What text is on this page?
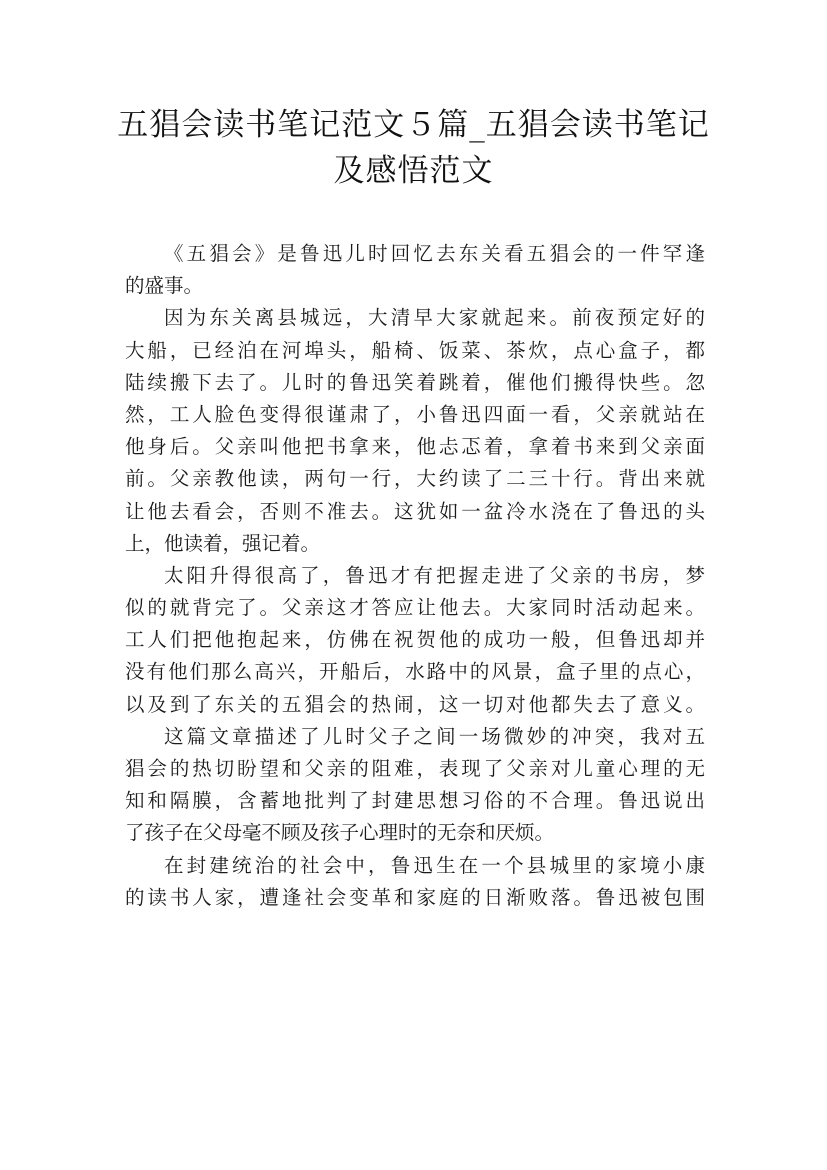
五猖会读书笔记范文５篇_五猖会读书笔记
及感悟范文
《五猖会》是鲁迅儿时回忆去东关看五猖会的一件罕逢
的盛事。
因为东关离县城远，大清早大家就起来。前夜预定好的
大船，已经泊在河埠头，船椅、饭菜、茶炊，点心盒子，都
陆续搬下去了。儿时的鲁迅笑着跳着，催他们搬得快些。忽
然，工人脸色变得很谨肃了，小鲁迅四面一看，父亲就站在
他身后。父亲叫他把书拿来，他忐忑着，拿着书来到父亲面
前。父亲教他读，两句一行，大约读了二三十行。背出来就
让他去看会，否则不准去。这犹如一盆冷水浇在了鲁迅的头
上，他读着，强记着。
太阳升得很高了，鲁迅才有把握走进了父亲的书房，梦
似的就背完了。父亲这才答应让他去。大家同时活动起来。
工人们把他抱起来，仿佛在祝贺他的成功一般，但鲁迅却并
没有他们那么高兴，开船后，水路中的风景，盒子里的点心，
以及到了东关的五猖会的热闹，这一切对他都失去了意义。
这篇文章描述了儿时父子之间一场微妙的冲突，我对五
猖会的热切盼望和父亲的阻难，表现了父亲对儿童心理的无
知和隔膜，含蓄地批判了封建思想习俗的不合理。鲁迅说出
了孩子在父母毫不顾及孩子心理时的无奈和厌烦。
在封建统治的社会中，鲁迅生在一个县城里的家境小康
的读书人家，遭逢社会变革和家庭的日渐败落。鲁迅被包围
